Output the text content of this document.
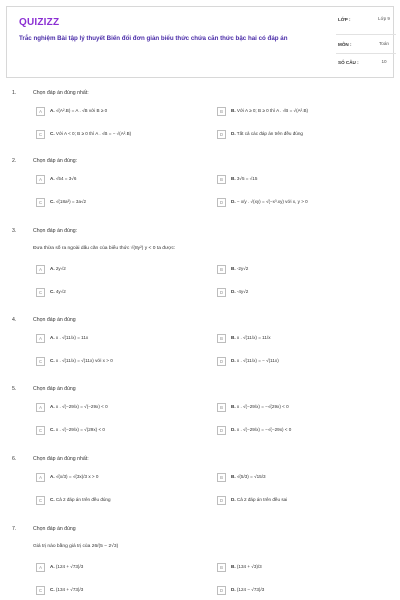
QUIZIZZ
Trắc nghiệm Bài tập lý thuyết Biến đổi đơn giản biểu thức chứa căn thức bậc hai có đáp án
LỚP :	Lớp 9
MÔN :	Toán
SỐ CÂU :	10
1.	Chọn đáp án đúng nhất:
A	A. √(A².B) = A . √B với B ≥ 0	B	B. Với A ≥ 0; B ≥ 0 thì A . √B = √(A².B)
C	C. Với A < 0; B ≥ 0 thì A . √B = − √(A².B)	D	D. Tất cả các đáp án trên đều đúng
2.	Chọn đáp án đúng:
A	A. √54 = 3√6	B	B. 3√5 = √15
C	C. √(18a²) = 3a√2	D	D. − x/y . √(xy) = √(−x³.xy) với x, y > 0
3.	Chọn đáp án đúng:
Đưa thừa số ra ngoài dấu căn của biểu thức √(8y²) y < 0 ta được:
A	A. 2y√2	B	B. -2y√2
C	C. 4y√2	D	D. -4y√2
4.	Chọn đáp án đúng
A	A. x . √(11/x) = 11x	B	B. x . √(11/x) = 11/x
C	C. x . √(11/x) = √(11x) với x > 0	D	D. x . √(11/x) = − √(11x)
5.	Chọn đáp án đúng
A	A. x . √(−29/x) = √(−29x) < 0	B	B. x . √(−29/x) = −√(29x) < 0
C	C. x . √(−29/x) = √(29x) < 0	D	D. x . √(−29/x) = −√(−29x) < 0
6.	Chọn đáp án đúng nhất:
A	A. √(x/3) = √(3x)/3 x > 0	B	B. √(5/3) = √15/3
C	C. Cả 2 đáp án trên đều đúng	D	D. Cả 2 đáp án trên đều sai
7.	Chọn đáp án đúng
Giá trị nào bằng giá trị của 26/(5 − 2√3)
A	A. (124 + √73)/3	B	B. (134 + √3)/3
C	C. (134 + √73)/3	D	D. (124 − √73)/3
